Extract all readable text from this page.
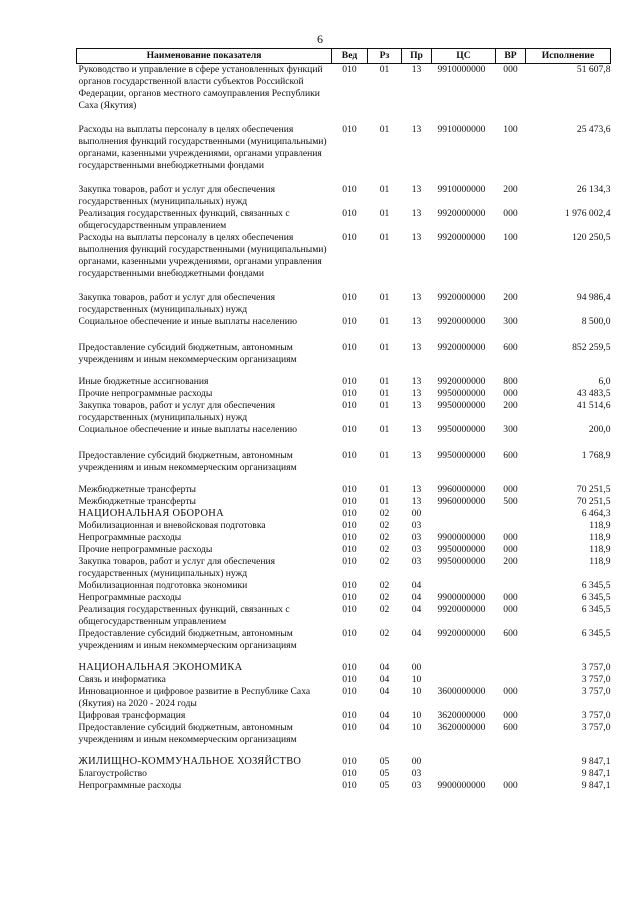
6
Наименование показателя	Вед	Рз	Пр	ЦС	ВР	Исполнение
Руководство и управление в сфере установленных функций органов государственной власти субъектов Российской Федерации, органов местного самоуправления Республики Саха (Якутия)	010	01	13	9910000000	000	51 607,8

Расходы на выплаты персоналу в целях обеспечения выполнения функций государственными (муниципальными) органами, казенными учреждениями, органами управления государственными внебюджетными фондами	010	01	13	9910000000	100	25 473,6
Закупка товаров, работ и услуг для обеспечения государственных (муниципальных) нужд	010	01	13	9910000000	200	26 134,3
Реализация государственных функций, связанных с общегосударственным управлением	010	01	13	9920000000	000	1 976 002,4
Расходы на выплаты персоналу в целях обеспечения выполнения функций государственными (муниципальными) органами, казенными учреждениями, органами управления государственными внебюджетными фондами	010	01	13	9920000000	100	120 250,5
Закупка товаров, работ и услуг для обеспечения государственных (муниципальных) нужд	010	01	13	9920000000	200	94 986,4
Социальное обеспечение и иные выплаты населению	010	01	13	9920000000	300	8 500,0

Предоставление субсидий бюджетным, автономным учреждениям и иным некоммерческим организациям	010	01	13	9920000000	600	852 259,5

Иные бюджетные ассигнования	010	01	13	9920000000	800	6,0
Прочие непрограммные расходы	010	01	13	9950000000	000	43 483,5
Закупка товаров, работ и услуг для обеспечения государственных (муниципальных) нужд	010	01	13	9950000000	200	41 514,6
Социальное обеспечение и иные выплаты населению	010	01	13	9950000000	300	200,0

Предоставление субсидий бюджетным, автономным учреждениям и иным некоммерческим организациям	010	01	13	9950000000	600	1 768,9

Межбюджетные трансферты	010	01	13	9960000000	000	70 251,5
Межбюджетные трансферты	010	01	13	9960000000	500	70 251,5
НАЦИОНАЛЬНАЯ ОБОРОНА	010	02	00			6 464,3
Мобилизационная и вневойсковая подготовка	010	02	03			118,9
Непрограммные расходы	010	02	03	9900000000	000	118,9
Прочие непрограммные расходы	010	02	03	9950000000	000	118,9
Закупка товаров, работ и услуг для обеспечения государственных (муниципальных) нужд	010	02	03	9950000000	200	118,9
Мобилизационная подготовка экономики	010	02	04			6 345,5
Непрограммные расходы	010	02	04	9900000000	000	6 345,5
Реализация государственных функций, связанных с общегосударственным управлением	010	02	04	9920000000	000	6 345,5
Предоставление субсидий бюджетным, автономным учреждениям и иным некоммерческим организациям	010	02	04	9920000000	600	6 345,5

НАЦИОНАЛЬНАЯ ЭКОНОМИКА	010	04	00			3 757,0
Связь и информатика	010	04	10			3 757,0
Инновационное и цифровое развитие в Республике Саха (Якутия) на 2020 - 2024 годы	010	04	10	3600000000	000	3 757,0
Цифровая трансформация	010	04	10	3620000000	000	3 757,0
Предоставление субсидий бюджетным, автономным учреждениям и иным некоммерческим организациям	010	04	10	3620000000	600	3 757,0

ЖИЛИЩНО-КОММУНАЛЬНОЕ ХОЗЯЙСТВО	010	05	00			9 847,1
Благоустройство	010	05	03			9 847,1
Непрограммные расходы	010	05	03	9900000000	000	9 847,1
